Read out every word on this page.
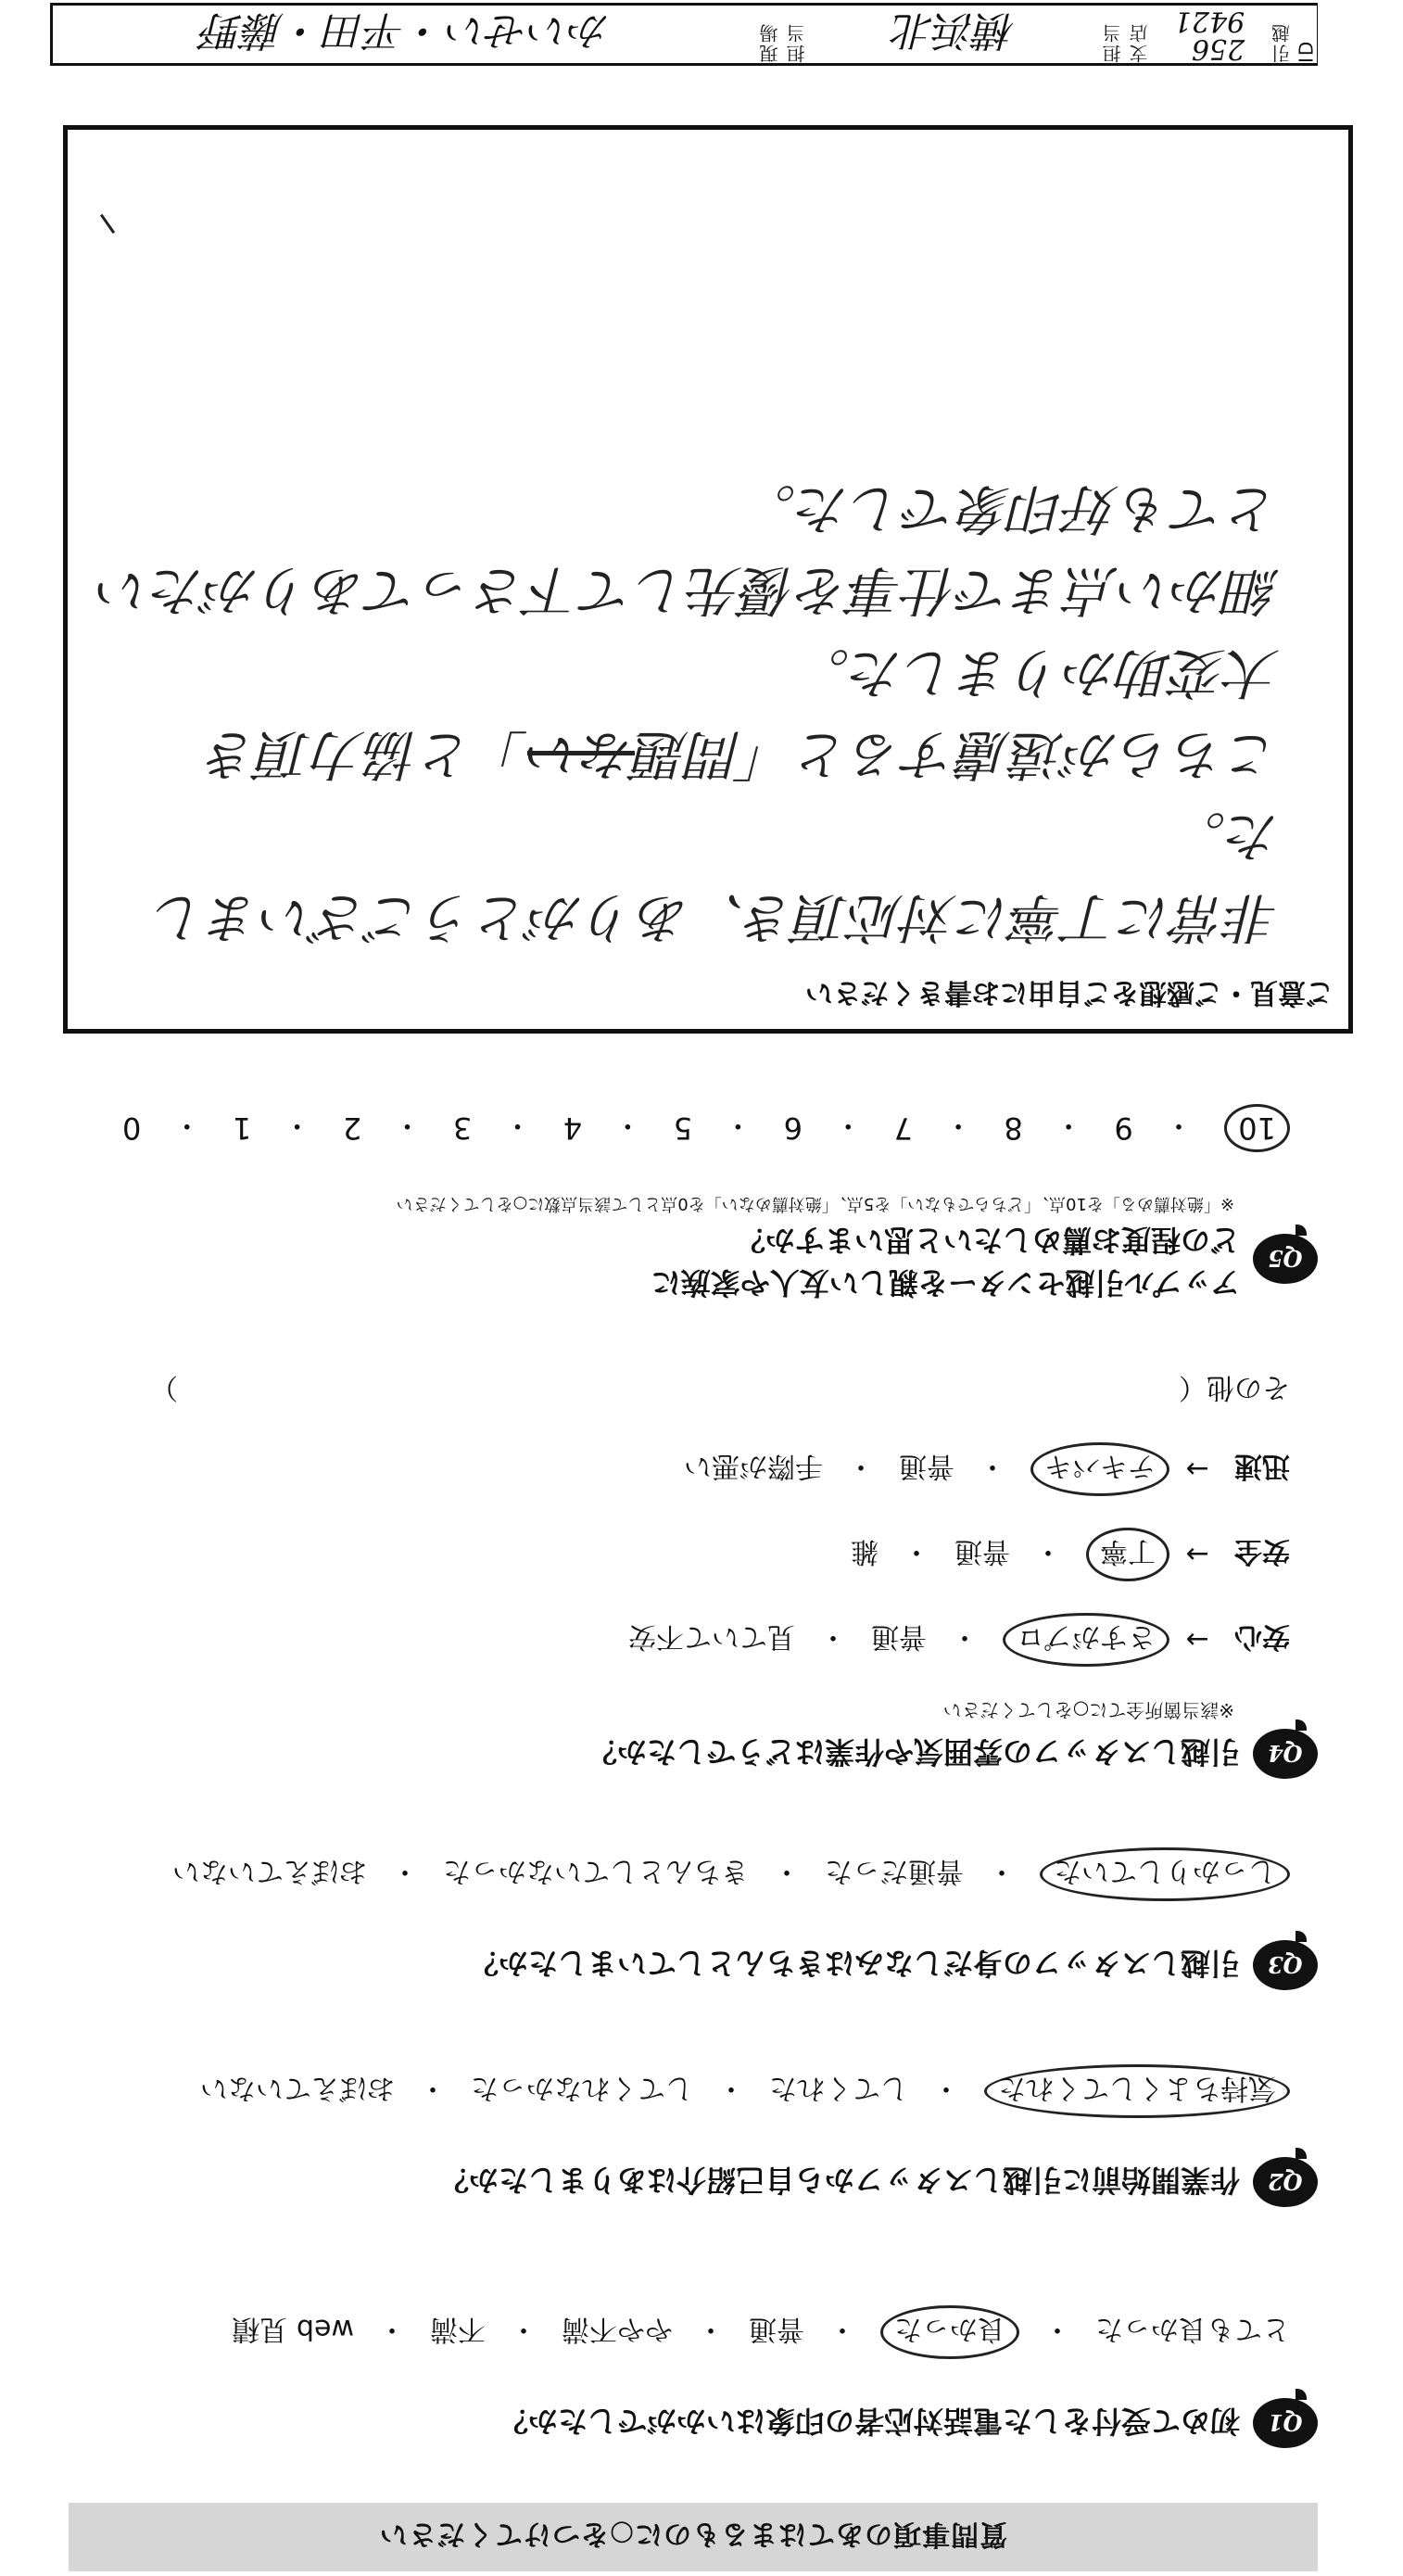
質問事項のあてはまるものに○をつけてください
Q1
初めて受付をした電話対応者の印象はいかがでしたか？
とても良かった
・
良かった
・
普通
・
やや不満
・
不満
・
web 見積
Q2
作業開始前に引越しスタッフから自己紹介はありましたか？
気持ちよくしてくれた
・
してくれた
・
してくれなかった
・
おぼえていない
Q3
引越しスタッフの身だしなみはきちんとしていましたか？
しっかりしていた
・
普通だった
・
きちんとしていなかった
・
おぼえていない
Q4
引越しスタッフの雰囲気や作業はどうでしたか？
※該当箇所全てに○をしてください
安心
→
さすがプロ
・
普通
・
見ていて不安
安全
→
丁寧
・
普通
・
雑
迅速
→
テキパキ
・
普通
・
手際が悪い
その他
（
）
Q5
アップル引越センターを親しい友人や家族に
どの程度お薦めしたいと思いますか？
※「絶対薦める」を10点、「どちらでもない」を5点、「絶対薦めない」を0点として該当点数に○をしてください
10
・
9
・
8
・
7
・
6
・
5
・
4
・
3
・
2
・
1
・
0
ご意見・ご感想をご自由にお書きください
非常に丁寧に対応頂き、ありがとうございました。
こちらが遠慮すると「問題ない」と協力頂き
大変助かりました。
細かい点まで仕事を優先して下さってありがたい
とても好印象でした。
引越ID
256
9421
担当支店
横浜北
現場担当
かいせい・平田・藤野
